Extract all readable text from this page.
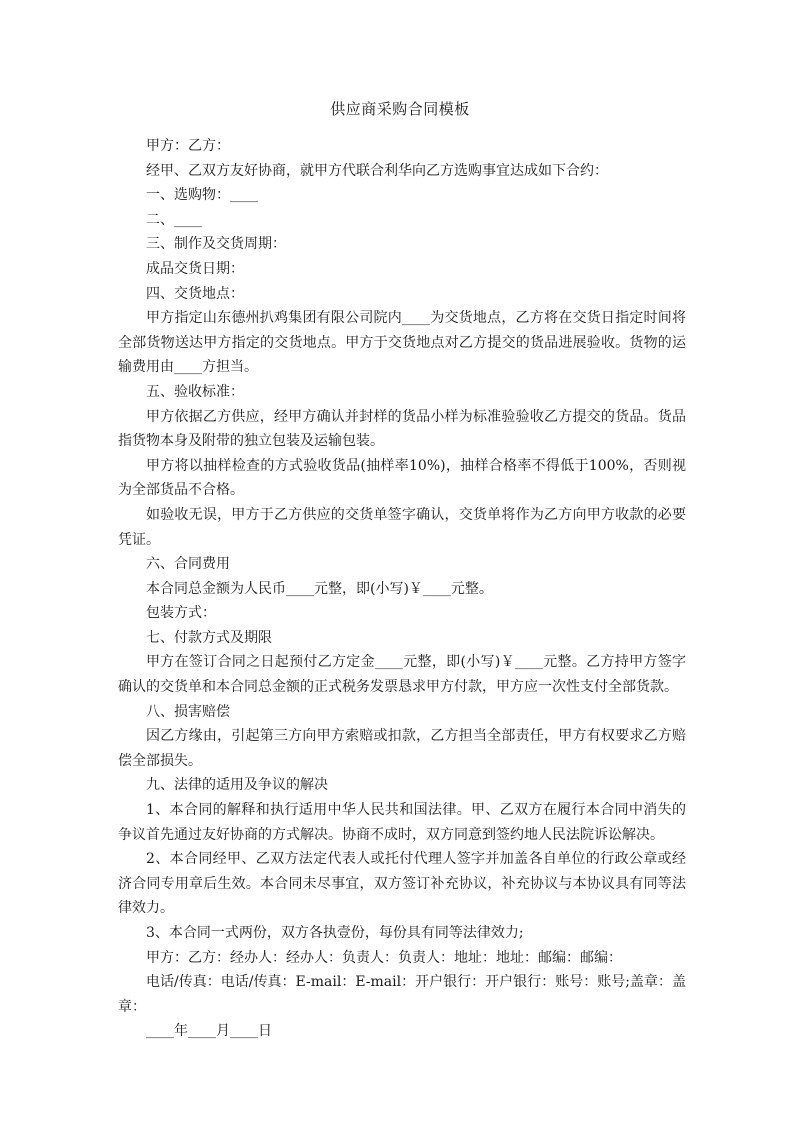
供应商采购合同模板

甲方：乙方：

经甲、乙双方友好协商，就甲方代联合利华向乙方选购事宜达成如下合约：

一、选购物：____

二、____

三、制作及交货周期：

成品交货日期：

四、交货地点：

甲方指定山东德州扒鸡集团有限公司院内____为交货地点，乙方将在交货日指定时间将全部货物送达甲方指定的交货地点。甲方于交货地点对乙方提交的货品进展验收。货物的运输费用由____方担当。

五、验收标准：

甲方依据乙方供应，经甲方确认并封样的货品小样为标准验验收乙方提交的货品。货品指货物本身及附带的独立包装及运输包装。

甲方将以抽样检查的方式验收货品(抽样率10%)，抽样合格率不得低于100%，否则视为全部货品不合格。

如验收无误，甲方于乙方供应的交货单签字确认，交货单将作为乙方向甲方收款的必要凭证。

六、合同费用

本合同总金额为人民币____元整，即(小写)￥____元整。

包装方式：

七、付款方式及期限

甲方在签订合同之日起预付乙方定金____元整，即(小写)￥____元整。乙方持甲方签字确认的交货单和本合同总金额的正式税务发票恳求甲方付款，甲方应一次性支付全部货款。

八、损害赔偿

因乙方缘由，引起第三方向甲方索赔或扣款，乙方担当全部责任，甲方有权要求乙方赔偿全部损失。

九、法律的适用及争议的解决

1、本合同的解释和执行适用中华人民共和国法律。甲、乙双方在履行本合同中消失的争议首先通过友好协商的方式解决。协商不成时，双方同意到签约地人民法院诉讼解决。

2、本合同经甲、乙双方法定代表人或托付代理人签字并加盖各自单位的行政公章或经济合同专用章后生效。本合同未尽事宜，双方签订补充协议，补充协议与本协议具有同等法律效力。

3、本合同一式两份，双方各执壹份，每份具有同等法律效力;

甲方：乙方：经办人：经办人：负责人：负责人：地址：地址：邮编：邮编：

电话/传真：电话/传真：E-mail：E-mail：开户银行：开户银行：账号：账号;盖章：盖章：

____年____月____日
